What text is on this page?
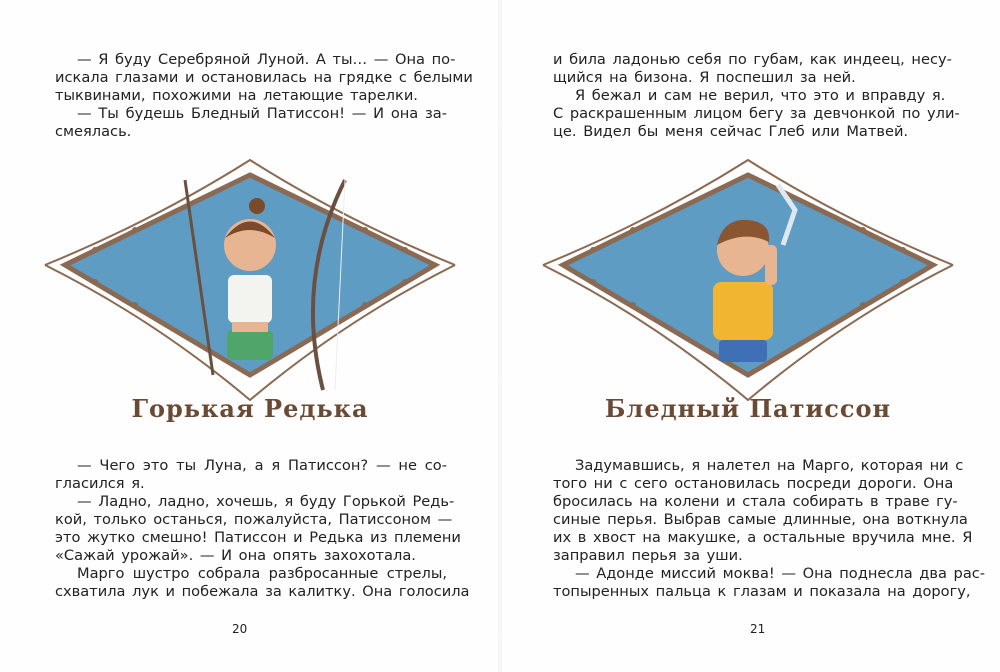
— Я буду Серебряной Луной. А ты… — Она по-
искала глазами и остановилась на грядке с белыми
тыквинами, похожими на летающие тарелки.
— Ты будешь Бледный Патиссон! — И она за-
смеялась.
Горькая Редька
— Чего это ты Луна, а я Патиссон? — не со-
гласился я.
— Ладно, ладно, хочешь, я буду Горькой Редь-
кой, только останься, пожалуйста, Патиссоном —
это жутко смешно! Патиссон и Редька из племени
«Сажай урожай». — И она опять захохотала.
Марго шустро собрала разбросанные стрелы,
схватила лук и побежала за калитку. Она голосила
20
и била ладонью себя по губам, как индеец, несу-
щийся на бизона. Я поспешил за ней.
Я бежал и сам не верил, что это и вправду я.
С раскрашенным лицом бегу за девчонкой по ули-
це. Видел бы меня сейчас Глеб или Матвей.
Бледный Патиссон
Задумавшись, я налетел на Марго, которая ни с
того ни с сего остановилась посреди дороги. Она
бросилась на колени и стала собирать в траве гу-
синые перья. Выбрав самые длинные, она воткнула
их в хвост на макушке, а остальные вручила мне. Я
заправил перья за уши.
— Адонде миссий моква! — Она поднесла два рас-
топыренных пальца к глазам и показала на дорогу,
21
